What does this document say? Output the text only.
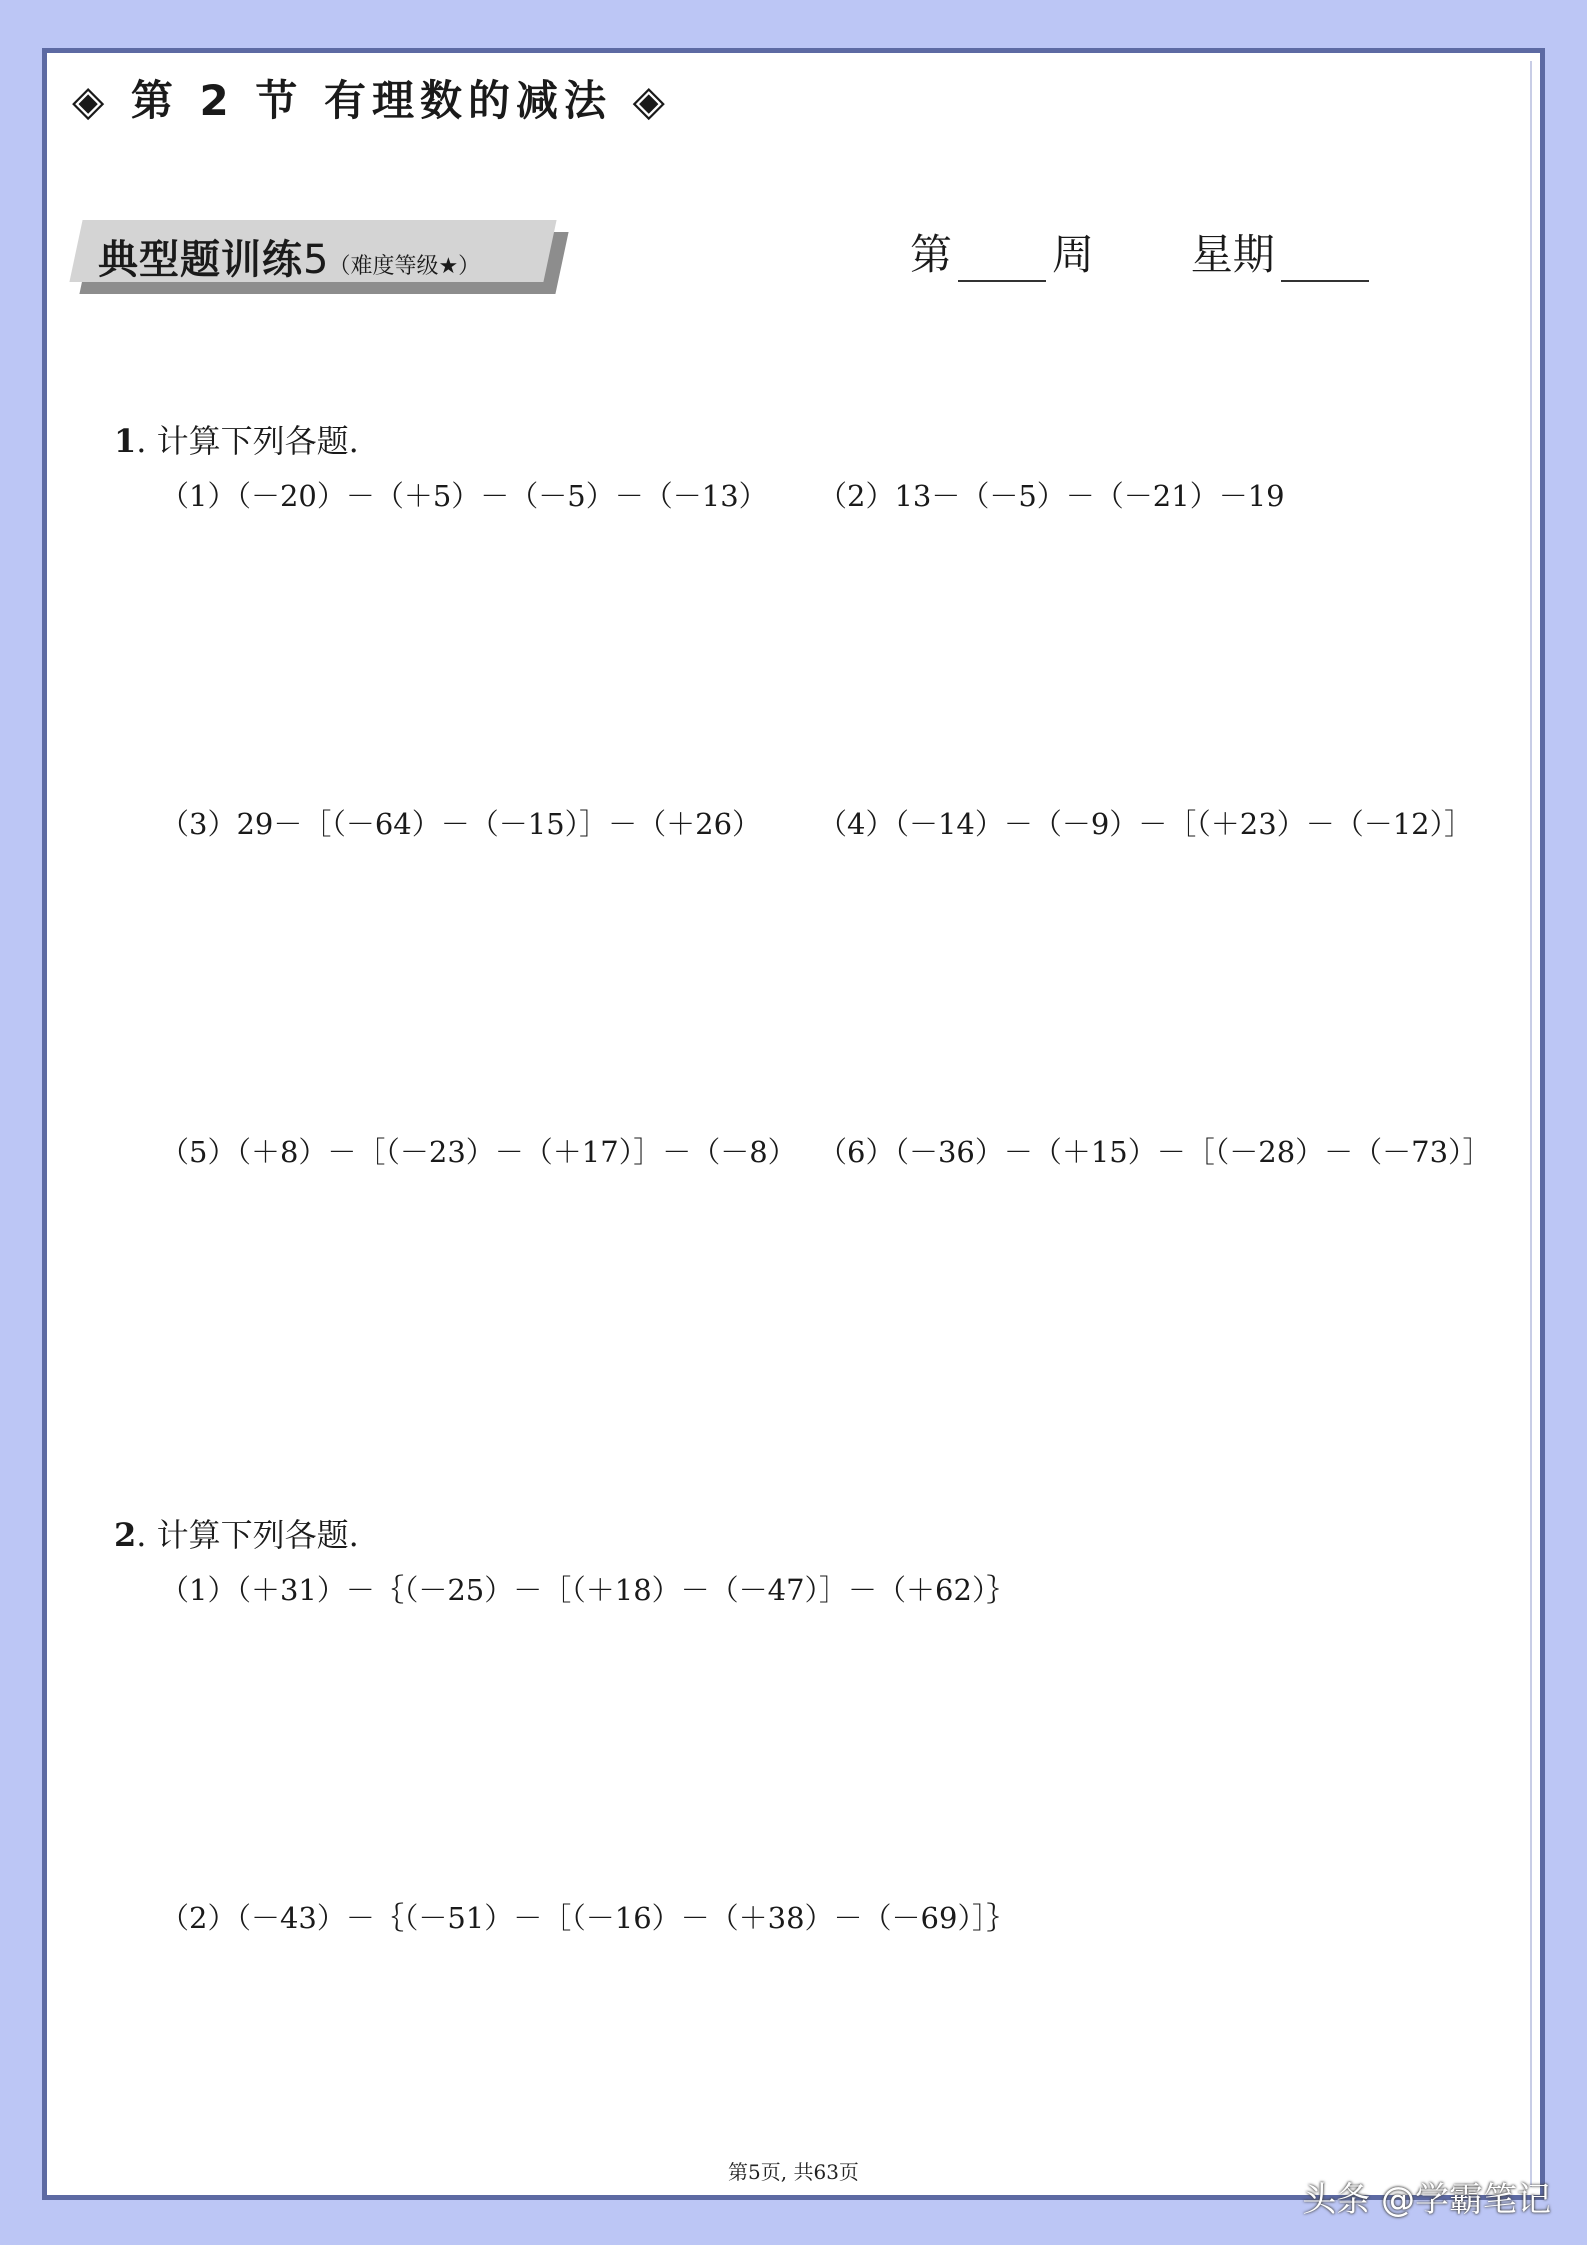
◈ 第 2 节 有理数的减法 ◈
典型题训练5（难度等级★）	第 周 星期
1. 计算下列各题.
（1）（－20）－（＋5）－（－5）－（－13） （2）13－（－5）－（－21）－19
（3）29－［（－64）－（－15）］－（＋26） （4）（－14）－（－9）－［（＋23）－（－12）］
（5）（＋8）－［（－23）－（＋17）］－（－8） （6）（－36）－（＋15）－［（－28）－（－73）］
2. 计算下列各题.
（1）（＋31）－｛（－25）－［（＋18）－（－47）］－（＋62）｝
（2）（－43）－｛（－51）－［（－16）－（＋38）－（－69）］｝
第5页, 共63页
头条 @学霸笔记
